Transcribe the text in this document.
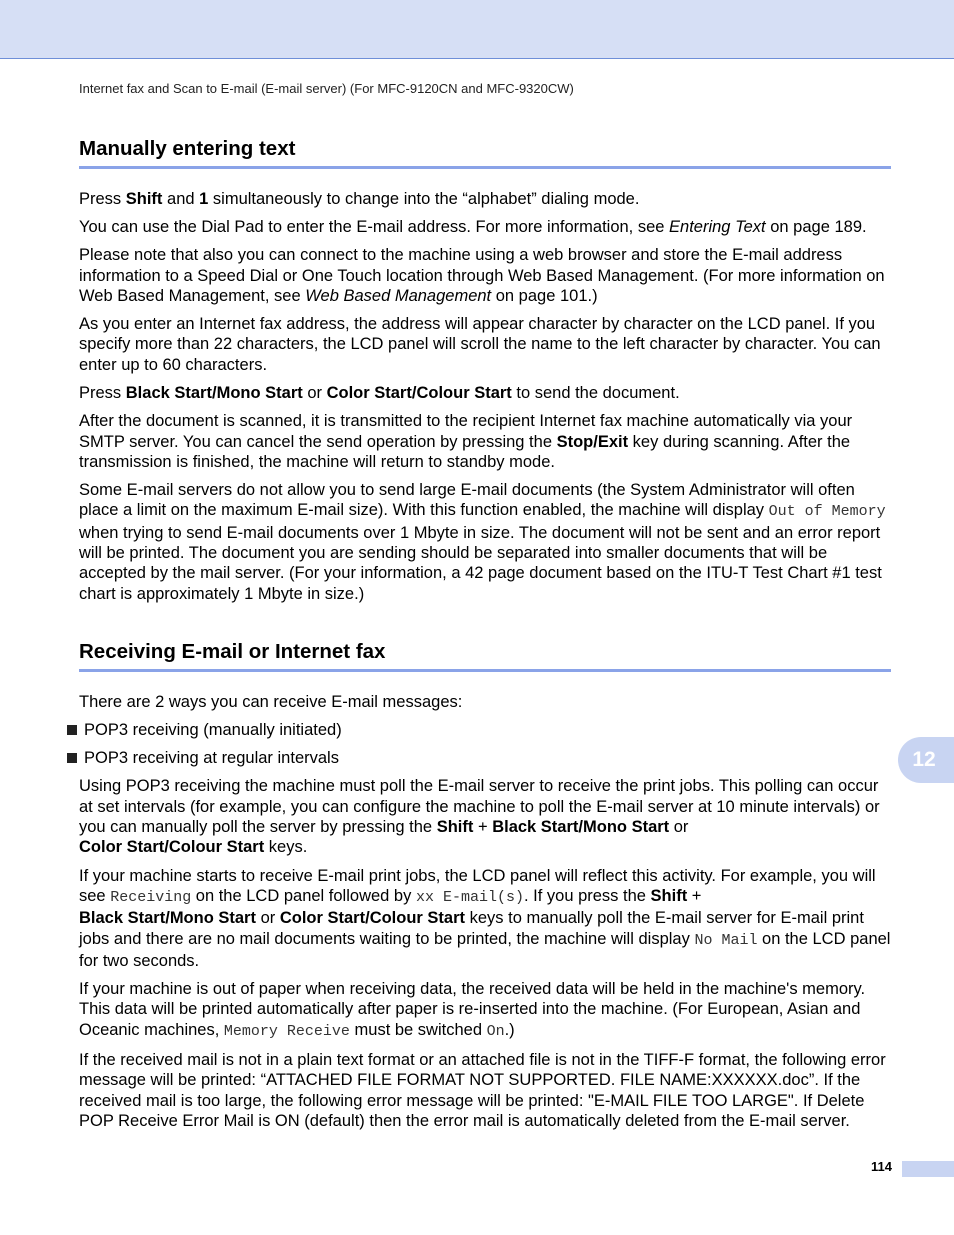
Internet fax and Scan to E-mail (E-mail server) (For MFC-9120CN and MFC-9320CW)
Manually entering text

Press Shift and 1 simultaneously to change into the “alphabet” dialing mode.

You can use the Dial Pad to enter the E-mail address. For more information, see Entering Text on page 189.

Please note that also you can connect to the machine using a web browser and store the E-mail address information to a Speed Dial or One Touch location through Web Based Management. (For more information on Web Based Management, see Web Based Management on page 101.)

As you enter an Internet fax address, the address will appear character by character on the LCD panel. If you specify more than 22 characters, the LCD panel will scroll the name to the left character by character. You can enter up to 60 characters.

Press Black Start/Mono Start or Color Start/Colour Start to send the document.

After the document is scanned, it is transmitted to the recipient Internet fax machine automatically via your SMTP server. You can cancel the send operation by pressing the Stop/Exit key during scanning. After the transmission is finished, the machine will return to standby mode.

Some E-mail servers do not allow you to send large E-mail documents (the System Administrator will often place a limit on the maximum E-mail size). With this function enabled, the machine will display Out of Memory when trying to send E-mail documents over 1 Mbyte in size. The document will not be sent and an error report will be printed. The document you are sending should be separated into smaller documents that will be accepted by the mail server. (For your information, a 42 page document based on the ITU-T Test Chart #1 test chart is approximately 1 Mbyte in size.)

Receiving E-mail or Internet fax

There are 2 ways you can receive E-mail messages:

POP3 receiving (manually initiated)
POP3 receiving at regular intervals

Using POP3 receiving the machine must poll the E-mail server to receive the print jobs. This polling can occur at set intervals (for example, you can configure the machine to poll the E-mail server at 10 minute intervals) or you can manually poll the server by pressing the Shift + Black Start/Mono Start or
Color Start/Colour Start keys.

If your machine starts to receive E-mail print jobs, the LCD panel will reflect this activity. For example, you will see Receiving on the LCD panel followed by xx E-mail(s). If you press the Shift +
Black Start/Mono Start or Color Start/Colour Start keys to manually poll the E-mail server for E-mail print jobs and there are no mail documents waiting to be printed, the machine will display No Mail on the LCD panel for two seconds.

If your machine is out of paper when receiving data, the received data will be held in the machine's memory. This data will be printed automatically after paper is re-inserted into the machine. (For European, Asian and Oceanic machines, Memory Receive must be switched On.)

If the received mail is not in a plain text format or an attached file is not in the TIFF-F format, the following error message will be printed: “ATTACHED FILE FORMAT NOT SUPPORTED. FILE NAME:XXXXXX.doc”. If the received mail is too large, the following error message will be printed: "E-MAIL FILE TOO LARGE". If Delete POP Receive Error Mail is ON (default) then the error mail is automatically deleted from the E-mail server.

12
114
